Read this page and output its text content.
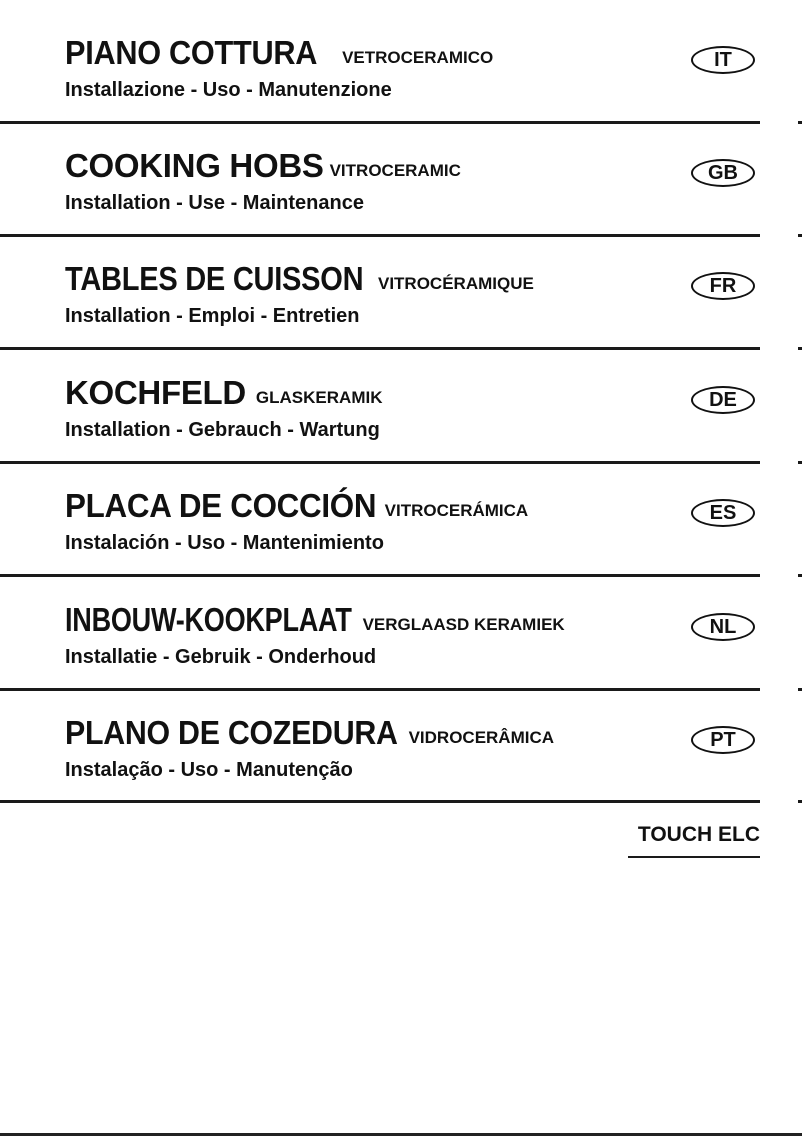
PIANO COTTURA VETROCERAMICO
Installazione - Uso - Manutenzione
IT
COOKING HOBS VITROCERAMIC
Installation - Use - Maintenance
GB
TABLES DE CUISSON VITROCÉRAMIQUE
Installation - Emploi - Entretien
FR
KOCHFELD GLASKERAMIK
Installation - Gebrauch - Wartung
DE
PLACA DE COCCIÓN VITROCERÁMICA
Instalación - Uso - Mantenimiento
ES
INBOUW-KOOKPLAAT VERGLAASD KERAMIEK
Installatie - Gebruik - Onderhoud
NL
PLANO DE COZEDURA VIDROCERÂMICA
Instalação - Uso - Manutenção
PT
TOUCH ELC
